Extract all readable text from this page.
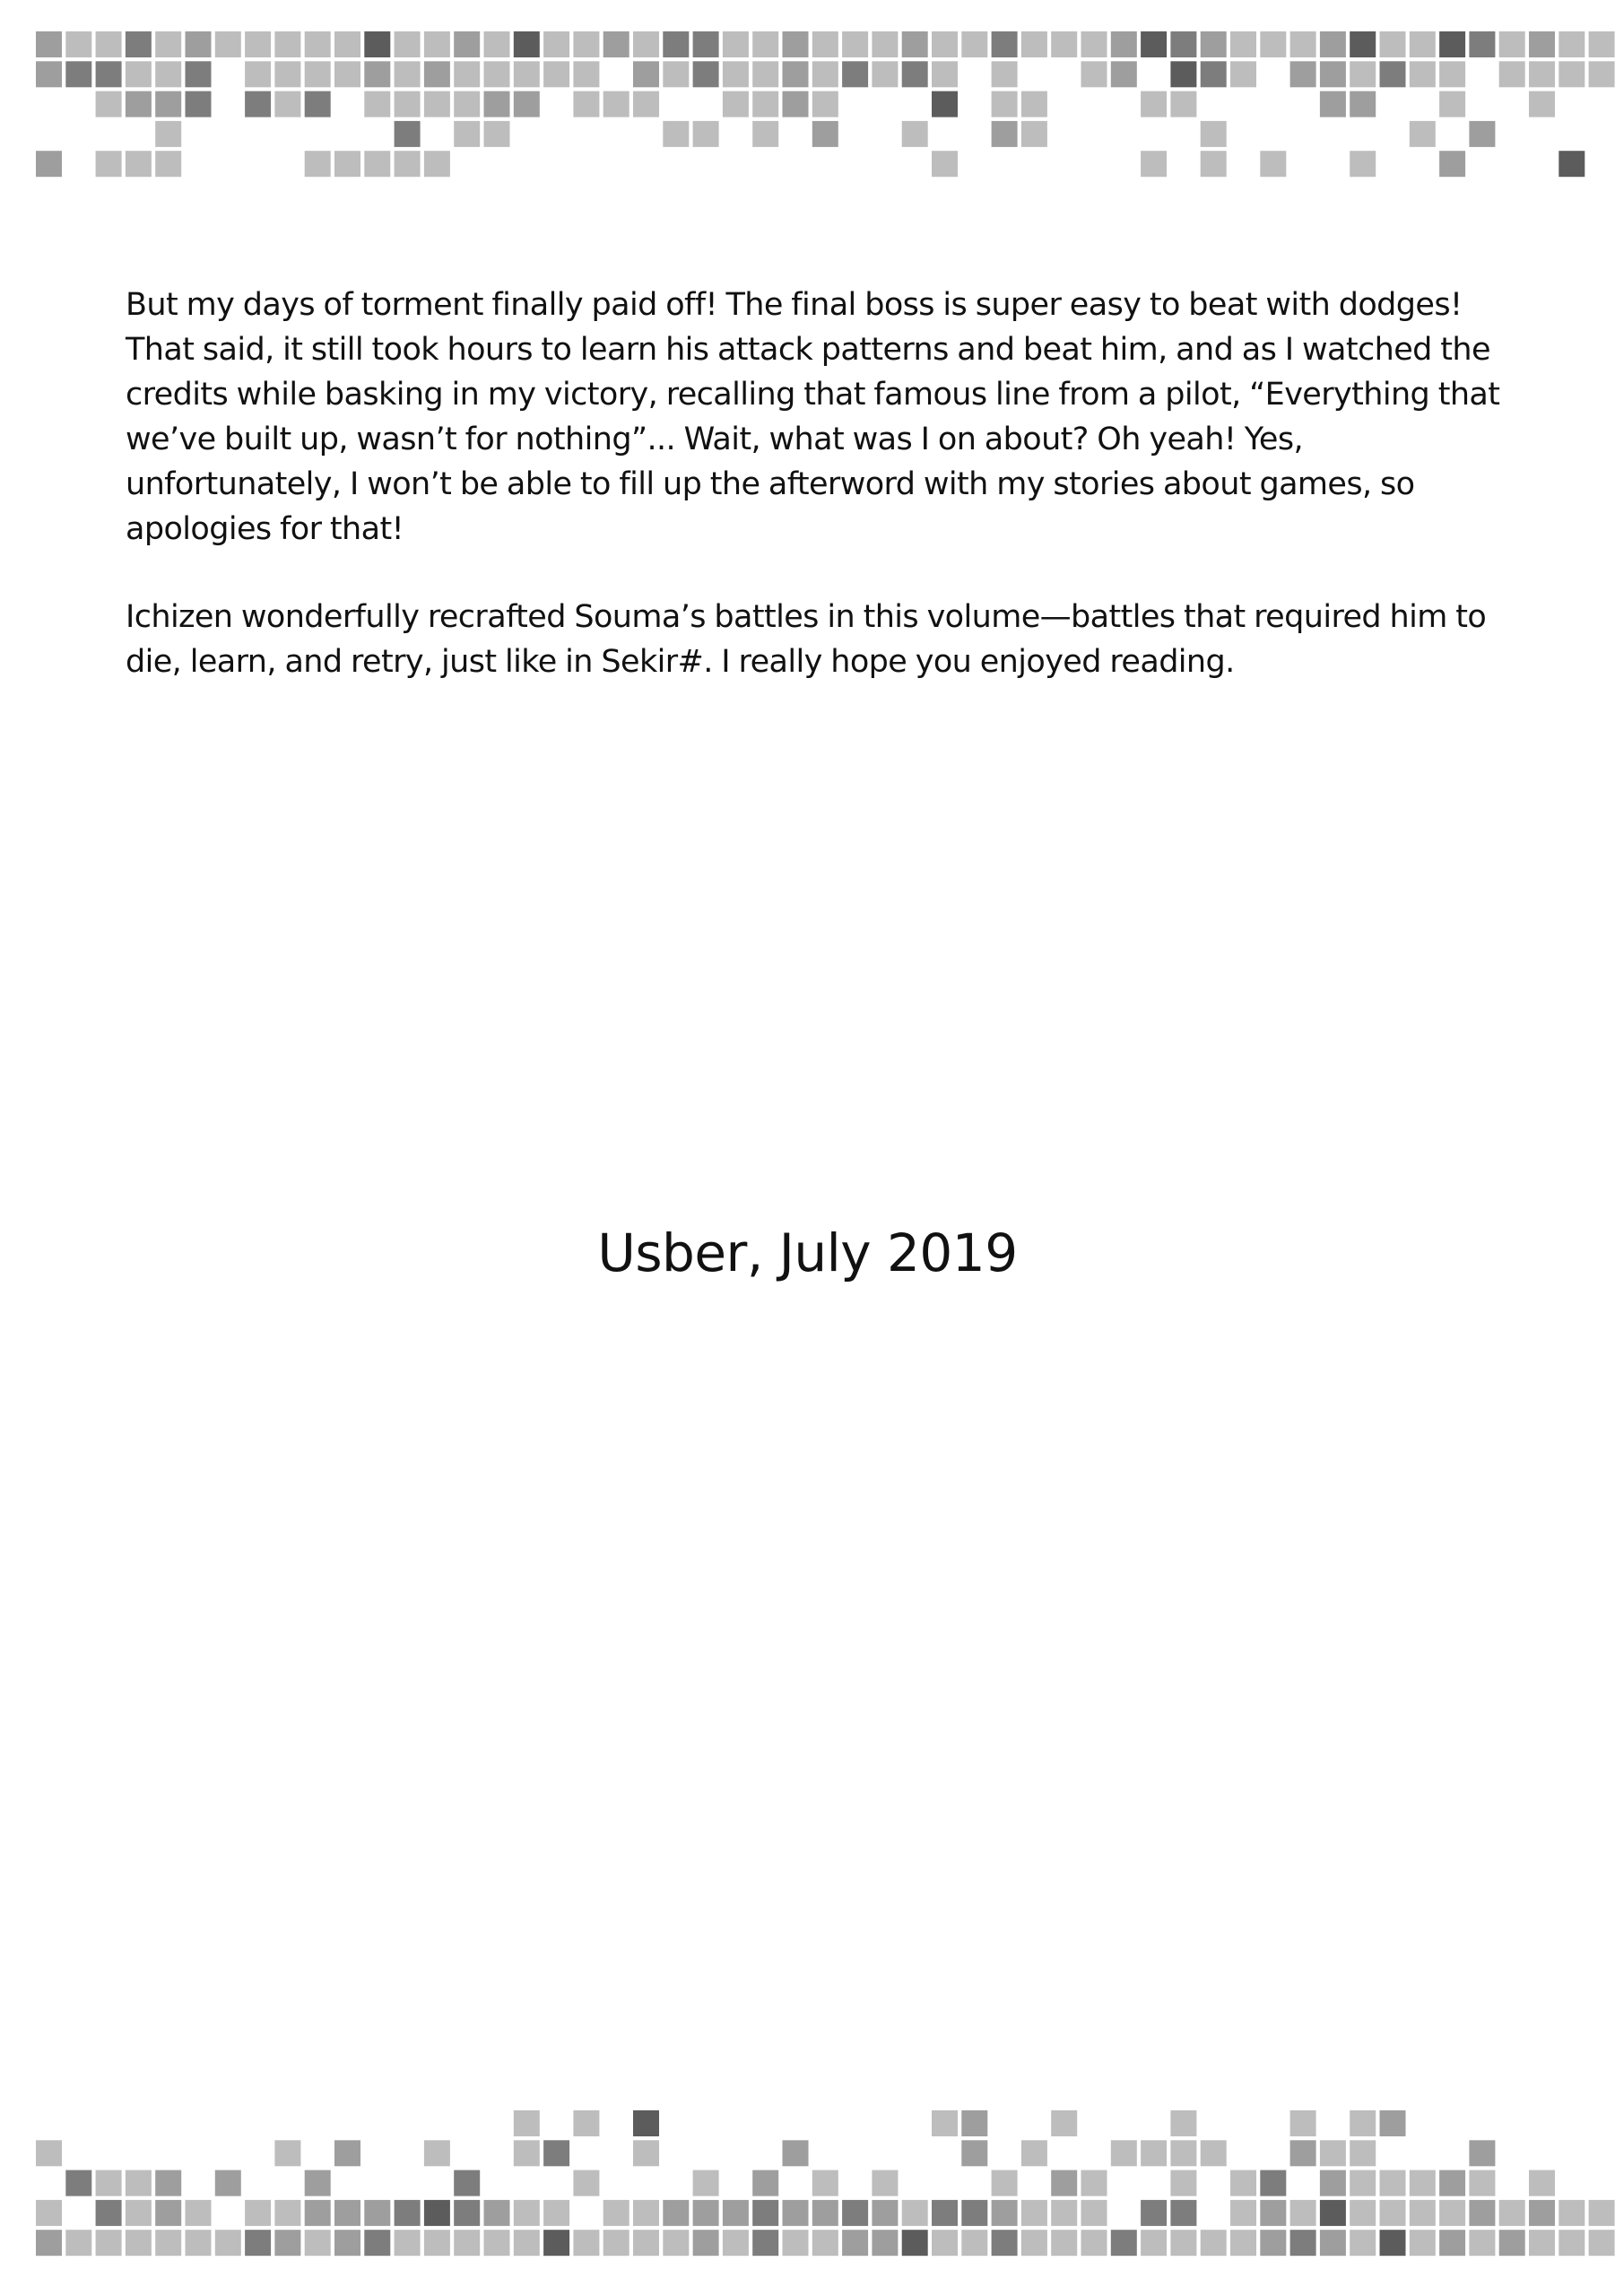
But my days of torment finally paid off! The final boss is super easy to beat with dodges! That said, it still took hours to learn his attack patterns and beat him, and as I watched the credits while basking in my victory, recalling that famous line from a pilot, “Everything that we’ve built up, wasn’t for nothing”... Wait, what was I on about? Oh yeah! Yes, unfortunately, I won’t be able to fill up the afterword with my stories about games, so apologies for that!

Ichizen wonderfully recrafted Souma’s battles in this volume—battles that required him to die, learn, and retry, just like in Sekir#. I really hope you enjoyed reading.

Usber, July 2019
